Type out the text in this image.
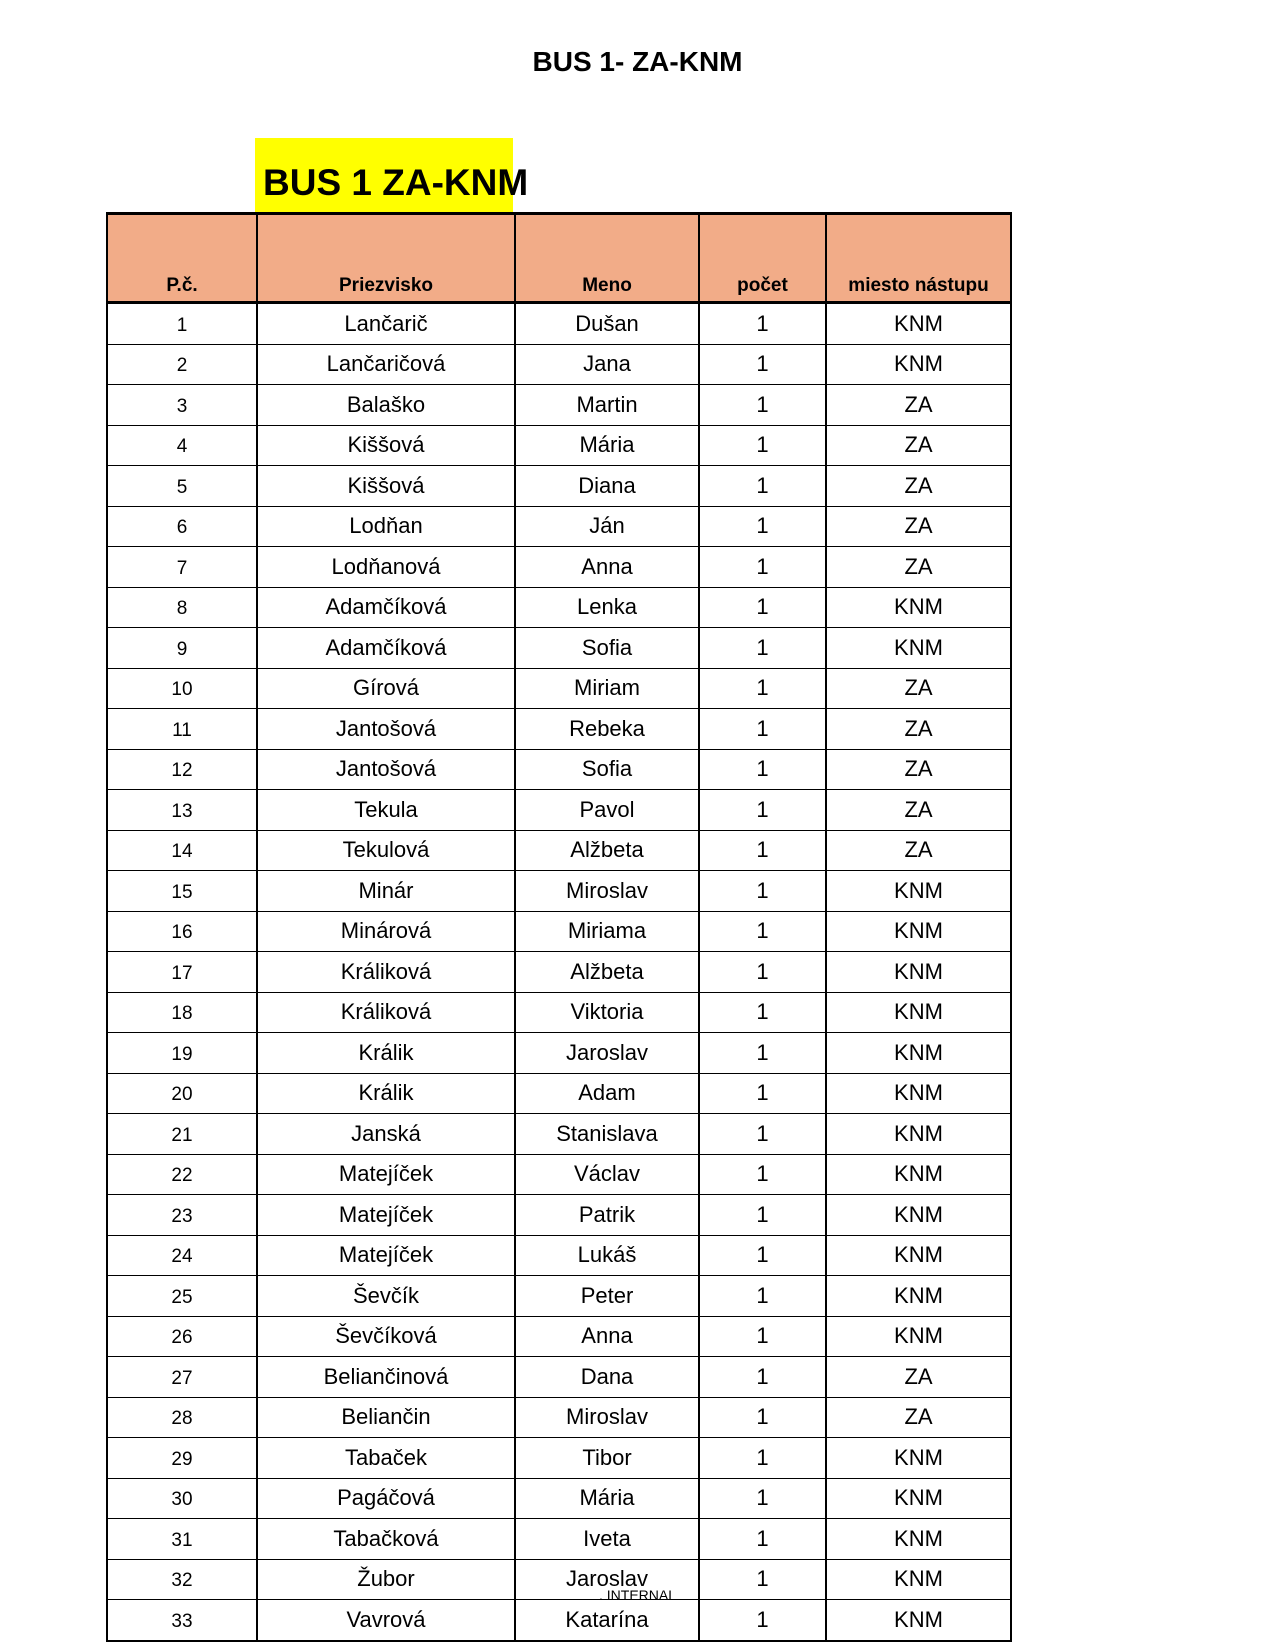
BUS 1- ZA-KNM
BUS 1 ZA-KNM
P.č.	Priezvisko	Meno	počet	miesto nástupu
1	Lančarič	Dušan	1	KNM
2	Lančaričová	Jana	1	KNM
3	Balaško	Martin	1	ZA
4	Kiššová	Mária	1	ZA
5	Kiššová	Diana	1	ZA
6	Lodňan	Ján	1	ZA
7	Lodňanová	Anna	1	ZA
8	Adamčíková	Lenka	1	KNM
9	Adamčíková	Sofia	1	KNM
10	Gírová	Miriam	1	ZA
11	Jantošová	Rebeka	1	ZA
12	Jantošová	Sofia	1	ZA
13	Tekula	Pavol	1	ZA
14	Tekulová	Alžbeta	1	ZA
15	Minár	Miroslav	1	KNM
16	Minárová	Miriama	1	KNM
17	Králiková	Alžbeta	1	KNM
18	Králiková	Viktoria	1	KNM
19	Králik	Jaroslav	1	KNM
20	Králik	Adam	1	KNM
21	Janská	Stanislava	1	KNM
22	Matejíček	Václav	1	KNM
23	Matejíček	Patrik	1	KNM
24	Matejíček	Lukáš	1	KNM
25	Ševčík	Peter	1	KNM
26	Ševčíková	Anna	1	KNM
27	Beliančinová	Dana	1	ZA
28	Beliančin	Miroslav	1	ZA
29	Tabaček	Tibor	1	KNM
30	Pagáčová	Mária	1	KNM
31	Tabačková	Iveta	1	KNM
32	Žubor	Jaroslav	1	KNM
33	Vavrová	Katarína	1	KNM
. INTERNAL
